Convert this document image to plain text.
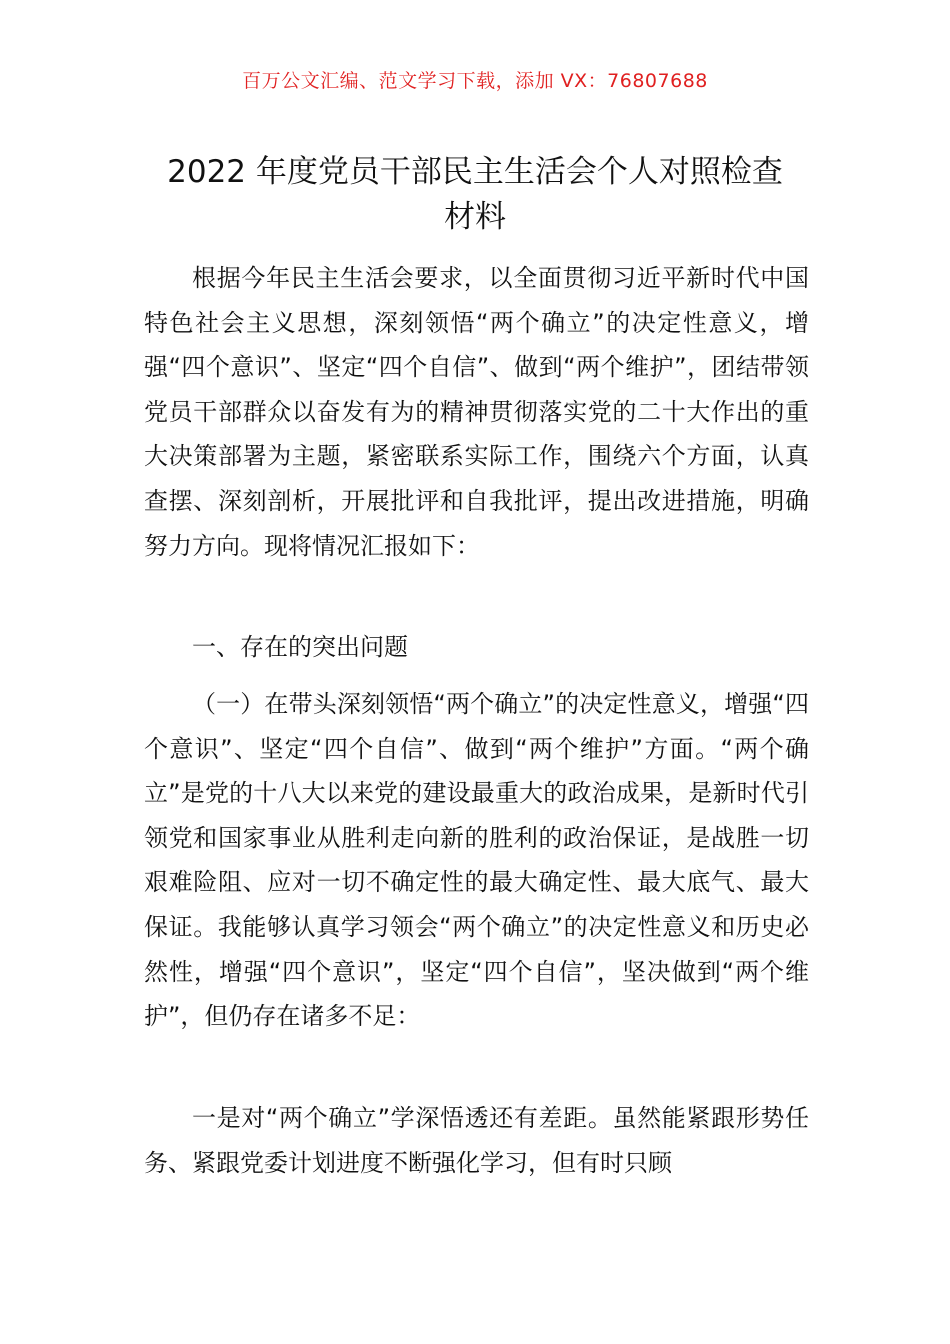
百万公文汇编、范文学习下载，添加 VX：76807688
2022 年度党员干部民主生活会个人对照检查
材料

根据今年民主生活会要求，以全面贯彻习近平新时代中国特色社会主义思想，深刻领悟“两个确立”的决定性意义，增强“四个意识”、坚定“四个自信”、做到“两个维护”，团结带领党员干部群众以奋发有为的精神贯彻落实党的二十大作出的重大决策部署为主题，紧密联系实际工作，围绕六个方面，认真查摆、深刻剖析，开展批评和自我批评，提出改进措施，明确努力方向。现将情况汇报如下：

一、存在的突出问题

（一）在带头深刻领悟“两个确立”的决定性意义，增强“四个意识”、坚定“四个自信”、做到“两个维护”方面。“两个确立”是党的十八大以来党的建设最重大的政治成果，是新时代引领党和国家事业从胜利走向新的胜利的政治保证，是战胜一切艰难险阻、应对一切不确定性的最大确定性、最大底气、最大保证。我能够认真学习领会“两个确立”的决定性意义和历史必然性，增强“四个意识”，坚定“四个自信”，坚决做到“两个维护”，但仍存在诸多不足：

一是对“两个确立”学深悟透还有差距。虽然能紧跟形势任务、紧跟党委计划进度不断强化学习，但有时只顾
